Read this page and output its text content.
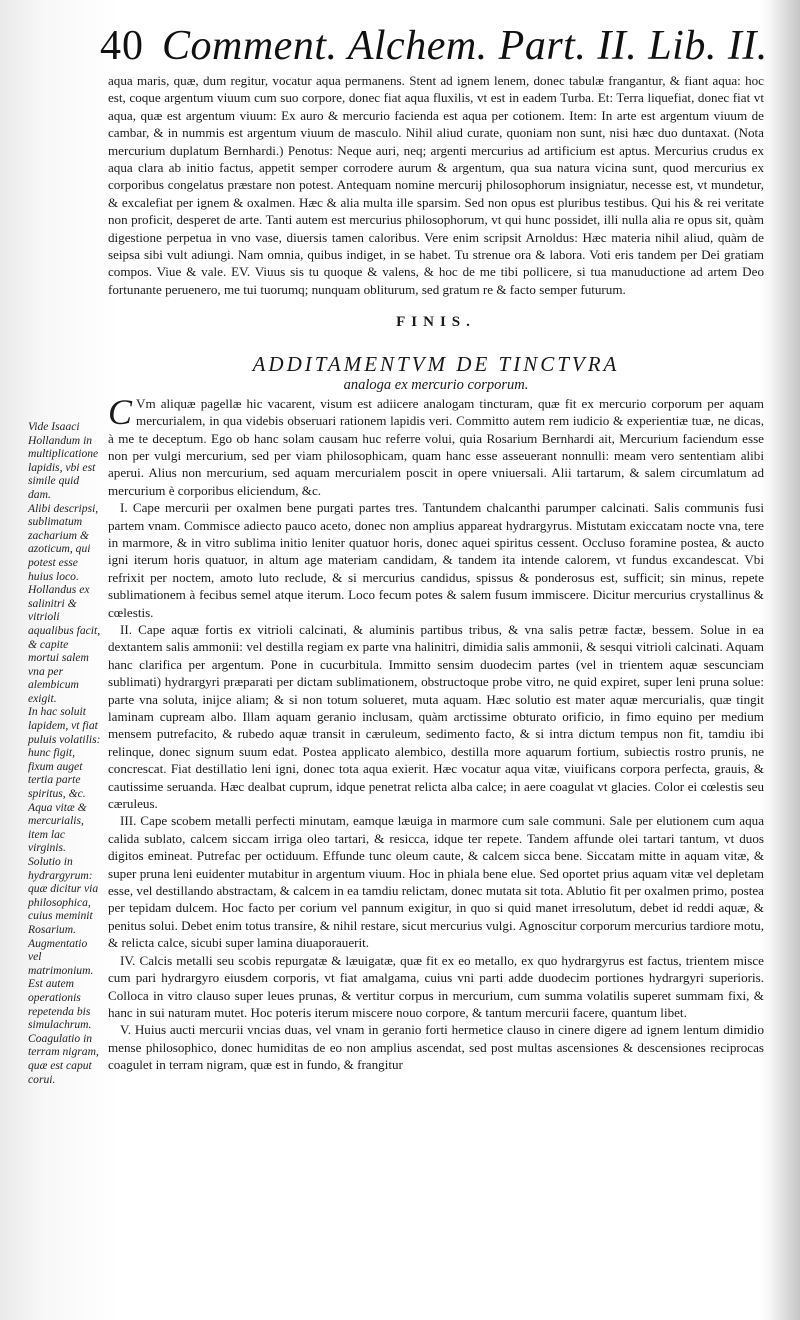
40 Comment. Alchem. Part. II. Lib. II.

aqua maris, quæ, dum regitur, vocatur aqua permanens. Stent ad ignem lenem, donec tabulæ frangantur, & fiant aqua: hoc est, coque argentum viuum cum suo corpore, donec fiat aqua fluxilis, vt est in eadem Turba. Et: Terra liquefiat, donec fiat vt aqua, quæ est argentum viuum: Ex auro & mercurio facienda est aqua per cotionem. Item: In arte est argentum viuum de cambar, & in nummis est argentum viuum de masculo. Nihil aliud curate, quoniam non sunt, nisi hæc duo duntaxat. (Nota mercurium duplatum Bernhardi.) Penotus: Neque auri, neq; argenti mercurius ad artificium est aptus. Mercurius crudus ex aqua clara ab initio factus, appetit semper corrodere aurum & argentum, qua sua natura vicina sunt, quod mercurius ex corporibus congelatus præstare non potest. Antequam nomine mercurij philosophorum insigniatur, necesse est, vt mundetur, & excalefiat per ignem & oxalmen. Hæc & alia multa ille sparsim. Sed non opus est pluribus testibus. Qui his & rei veritate non proficit, desperet de arte. Tanti autem est mercurius philosophorum, vt qui hunc possidet, illi nulla alia re opus sit, quàm digestione perpetua in vno vase, diuersis tamen caloribus. Vere enim scripsit Arnoldus: Hæc materia nihil aliud, quàm de seipsa sibi vult adiungi. Nam omnia, quibus indiget, in se habet. Tu strenue ora & labora. Voti eris tandem per Dei gratiam compos. Viue & vale. EV. Viuus sis tu quoque & valens, & hoc de me tibi pollicere, si tua manuductione ad artem Deo fortunante peruenero, me tui tuorumq; nunquam obliturum, sed gratum re & facto semper futurum.

FINIS.

ADDITAMENTVM DE TINCTVRA

analoga ex mercurio corporum.

C Vm aliquæ pagellæ hic vacarent, visum est adiicere analogam tincturam, quæ fit ex mercurio corporum per aquam mercurialem, in qua videbis obseruari rationem lapidis veri. Committo autem rem iudicio & experientiæ tuæ, ne dicas, à me te deceptum. Ego ob hanc solam causam huc referre volui, quia Rosarium Bernhardi ait, Mercurium faciendum esse non per vulgi mercurium, sed per viam philosophicam, quam hanc esse asseuerant nonnulli: meam vero sententiam alibi aperui. Alius non mercurium, sed aquam mercurialem poscit in opere vniuersali. Alii tartarum, & salem circumlatum ad mercurium è corporibus eliciendum, &c.

I. Cape mercurii per oxalmen bene purgati partes tres. Tantundem chalcanthi parumper calcinati. Salis communis fusi partem vnam. Commisce adiecto pauco aceto, donec non amplius appareat hydrargyrus. Mistutam exiccatam nocte vna, tere in marmore, & in vitro sublima initio leniter quatuor horis, donec aquei spiritus cessent. Occluso foramine postea, & aucto igni iterum horis quatuor, in altum age materiam candidam, & tandem ita intende calorem, vt fundus excandescat. Vbi refrixit per noctem, amoto luto reclude, & si mercurius candidus, spissus & ponderosus est, sufficit; sin minus, repete sublimationem à fecibus semel atque iterum. Loco fecum potes & salem fusum immiscere. Dicitur mercurius crystallinus & cœlestis.

II. Cape aquæ fortis ex vitrioli calcinati, & aluminis partibus tribus, & vna salis petræ factæ, bessem. Solue in ea dextantem salis ammonii: vel destilla regiam ex parte vna halinitri, dimidia salis ammonii, & sesqui vitrioli calcinati. Aquam hanc clarifica per argentum. Pone in cucurbitula. Immitto sensim duodecim partes (vel in trientem aquæ sescunciam sublimati) hydrargyri præparati per dictam sublimationem, obstructoque probe vitro, ne quid expiret, super leni pruna solue: parte vna soluta, inijce aliam; & si non totum solueret, muta aquam. Hæc solutio est mater aquæ mercurialis, quæ tingit laminam cupream albo. Illam aquam geranio inclusam, quàm arctissime obturato orificio, in fimo equino per medium mensem putrefacito, & rubedo aquæ transit in cæruleum, sedimento facto, & si intra dictum tempus non fit, tamdiu ibi relinque, donec signum suum edat. Postea applicato alembico, destilla more aquarum fortium, subiectis rostro prunis, ne concrescat. Fiat destillatio leni igni, donec tota aqua exierit. Hæc vocatur aqua vitæ, viuificans corpora perfecta, grauis, & cautissime seruanda. Hæc dealbat cuprum, idque penetrat relicta alba calce; in aere coagulat vt glacies. Color ei cœlestis seu cæruleus.

III. Cape scobem metalli perfecti minutam, eamque læuiga in marmore cum sale communi. Sale per elutionem cum aqua calida sublato, calcem siccam irriga oleo tartari, & resicca, idque ter repete. Tandem affunde olei tartari tantum, vt duos digitos emineat. Putrefac per octiduum. Effunde tunc oleum caute, & calcem sicca bene. Siccatam mitte in aquam vitæ, & super pruna leni euidenter mutabitur in argentum viuum. Hoc in phiala bene elue. Sed oportet prius aquam vitæ vel depletam esse, vel destillando abstractam, & calcem in ea tamdiu relictam, donec mutata sit tota. Ablutio fit per oxalmen primo, postea per tepidam dulcem. Hoc facto per corium vel pannum exigitur, in quo si quid manet irresolutum, debet id reddi aquæ, & penitus solui. Debet enim totus transire, & nihil restare, sicut mercurius vulgi. Agnoscitur corporum mercurius tardiore motu, & relicta calce, sicubi super lamina diuaporauerit.

IV. Calcis metalli seu scobis repurgatæ & læuigatæ, quæ fit ex eo metallo, ex quo hydrargyrus est factus, trientem misce cum pari hydrargyro eiusdem corporis, vt fiat amalgama, cuius vni parti adde duodecim portiones hydrargyri superioris. Colloca in vitro clauso super leues prunas, & vertitur corpus in mercurium, cum summa volatilis superet summam fixi, & hanc in sui naturam mutet. Hoc poteris iterum miscere nouo corpore, & tantum mercurii facere, quantum libet.

V. Huius aucti mercurii vncias duas, vel vnam in geranio forti hermetice clauso in cinere digere ad ignem lentum dimidio mense philosophico, donec humiditas de eo non amplius ascendat, sed post multas ascensiones & descensiones reciprocas coagulet in terram nigram, quæ est in fundo, & frangitur

Vide Isaaci Hollandum in multiplicatione lapidis, vbi est simile quid dam.

Alibi descripsi, sublimatum zacharium & azoticum, qui potest esse huius loco.

Hollandus ex salinitri & vitrioli aqualibus facit, & capite mortui salem vna per alembicum exigit.

In hac soluit lapidem, vt fiat puluis volatilis: hunc figit, fixum auget tertia parte spiritus, &c.

Aqua vitæ & mercurialis, item lac virginis.

Solutio in hydrargyrum: quæ dicitur via philosophica, cuius meminit Rosarium.

Augmentatio vel matrimonium.

Est autem operationis repetenda bis simulachrum.

Coagulatio in terram nigram, quæ est caput corui.
